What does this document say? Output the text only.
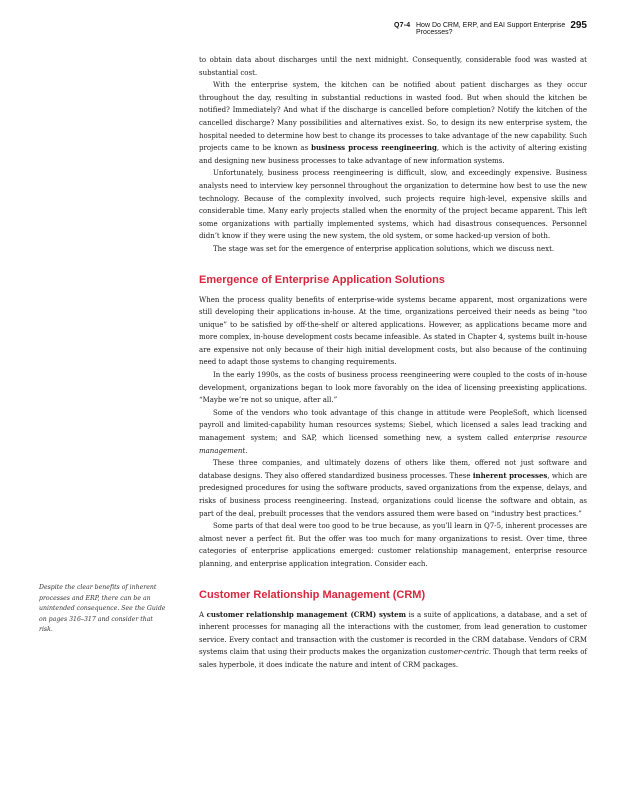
Q7-4 How Do CRM, ERP, and EAI Support Enterprise Processes?
295

to obtain data about discharges until the next midnight. Consequently, considerable food was wasted at substantial cost.

With the enterprise system, the kitchen can be notified about patient discharges as they occur throughout the day, resulting in substantial reductions in wasted food. But when should the kitchen be notified? Immediately? And what if the discharge is cancelled before completion? Notify the kitchen of the cancelled discharge? Many possibilities and alternatives exist. So, to design its new enterprise system, the hospital needed to determine how best to change its processes to take advantage of the new capability. Such projects came to be known as business process reengineering, which is the activity of altering existing and designing new business processes to take advantage of new information systems.

Unfortunately, business process reengineering is difficult, slow, and exceedingly expensive. Business analysts need to interview key personnel throughout the organization to determine how best to use the new technology. Because of the complexity involved, such projects require high-level, expensive skills and considerable time. Many early projects stalled when the enormity of the project became apparent. This left some organizations with partially implemented systems, which had disastrous consequences. Personnel didn’t know if they were using the new system, the old system, or some hacked-up version of both.

The stage was set for the emergence of enterprise application solutions, which we discuss next.

Emergence of Enterprise Application Solutions

When the process quality benefits of enterprise-wide systems became apparent, most organizations were still developing their applications in-house. At the time, organizations perceived their needs as being “too unique” to be satisfied by off-the-shelf or altered applications. However, as applications became more and more complex, in-house development costs became infeasible. As stated in Chapter 4, systems built in-house are expensive not only because of their high initial development costs, but also because of the continuing need to adapt those systems to changing requirements.

In the early 1990s, as the costs of business process reengineering were coupled to the costs of in-house development, organizations began to look more favorably on the idea of licensing preexisting applications. “Maybe we’re not so unique, after all.”

Some of the vendors who took advantage of this change in attitude were PeopleSoft, which licensed payroll and limited-capability human resources systems; Siebel, which licensed a sales lead tracking and management system; and SAP, which licensed something new, a system called enterprise resource management.

These three companies, and ultimately dozens of others like them, offered not just software and database designs. They also offered standardized business processes. These inherent processes, which are predesigned procedures for using the software products, saved organizations from the expense, delays, and risks of business process reengineering. Instead, organizations could license the software and obtain, as part of the deal, prebuilt processes that the vendors assured them were based on “industry best practices.”

Some parts of that deal were too good to be true because, as you’ll learn in Q7-5, inherent processes are almost never a perfect fit. But the offer was too much for many organizations to resist. Over time, three categories of enterprise applications emerged: customer relationship management, enterprise resource planning, and enterprise application integration. Consider each.

Customer Relationship Management (CRM)

A customer relationship management (CRM) system is a suite of applications, a database, and a set of inherent processes for managing all the interactions with the customer, from lead generation to customer service. Every contact and transaction with the customer is recorded in the CRM database. Vendors of CRM systems claim that using their products makes the organization customer-centric. Though that term reeks of sales hyperbole, it does indicate the nature and intent of CRM packages.

Despite the clear benefits of inherent processes and ERP, there can be an unintended consequence. See the Guide on pages 316–317 and consider that risk.
